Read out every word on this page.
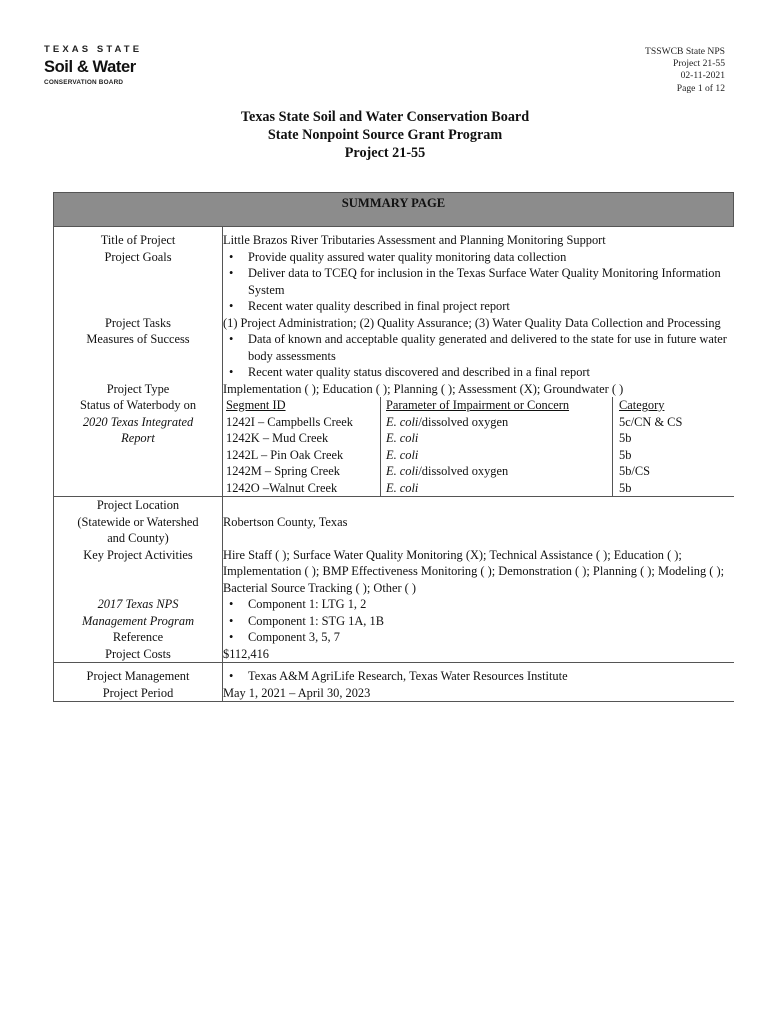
TEXAS STATE
Soil & Water
CONSERVATION BOARD
TSSWCB State NPS
Project 21-55
02-11-2021
Page 1 of 12
Texas State Soil and Water Conservation Board
State Nonpoint Source Grant Program
Project 21-55
SUMMARY PAGE

Title of Project	Little Brazos River Tributaries Assessment and Planning Monitoring Support
Project Goals	
•Provide quality assured water quality monitoring data collection
• Deliver data to TCEQ for inclusion in the Texas Surface Water Quality Monitoring Information System
• Recent water quality described in final project report

Project Tasks	(1) Project Administration; (2) Quality Assurance; (3) Water Quality Data Collection and Processing
Measures of Success	
•Data of known and acceptable quality generated and delivered to the state for use in future water body assessments
• Recent water quality status discovered and described in a final report

Project Type	Implementation ( ); Education ( ); Planning ( ); Assessment (X); Groundwater ( )

Status of Waterbody on
2020 Texas Integrated
Report

Segment ID	Parameter of Impairment or Concern	Category
1242I – Campbells Creek	E. coli/dissolved oxygen	5c/CN & CS
1242K – Mud Creek	E. coli	5b
1242L – Pin Oak Creek	E. coli	5b
1242M – Spring Creek	E. coli/dissolved oxygen	5b/CS
1242O –Walnut Creek	E. coli	5b

Project Location
(Statewide or Watershed
and County)
	Robertson County, Texas
Key Project Activities	Hire Staff ( ); Surface Water Quality Monitoring (X); Technical Assistance ( ); Education ( ); Implementation ( ); BMP Effectiveness Monitoring ( ); Demonstration ( ); Planning ( ); Modeling ( ); Bacterial Source Tracking ( ); Other ( )

2017 Texas NPS
Management Program
Reference

• Component 1: LTG 1, 2
• Component 1: STG 1A, 1B
• Component 3, 5, 7

Project Costs	$112,416

Project Management	
•Texas A&M AgriLife Research, Texas Water Resources Institute

Project Period	May 1, 2021 – April 30, 2023
